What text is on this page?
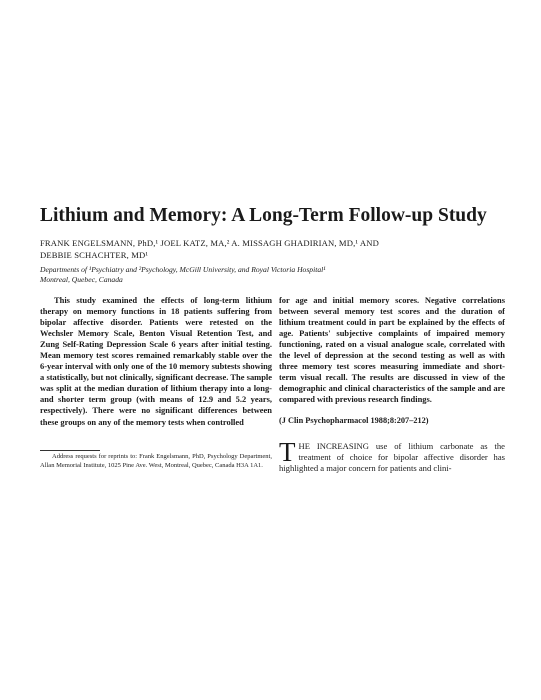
Lithium and Memory: A Long-Term Follow-up Study

FRANK ENGELSMANN, PhD,¹ JOEL KATZ, MA,² A. MISSAGH GHADIRIAN, MD,¹ AND
DEBBIE SCHACHTER, MD¹

Departments of ¹Psychiatry and ²Psychology, McGill University, and Royal Victoria Hospital¹
Montreal, Quebec, Canada

This study examined the effects of long-term lithium therapy on memory functions in 18 patients suffering from bipolar affective disorder. Patients were retested on the Wechsler Memory Scale, Benton Visual Retention Test, and Zung Self-Rating Depression Scale 6 years after initial testing. Mean memory test scores remained remarkably stable over the 6-year interval with only one of the 10 memory subtests showing a statistically, but not clinically, significant decrease. The sample was split at the median duration of lithium therapy into a long- and shorter term group (with means of 12.9 and 5.2 years, respectively). There were no significant differences between these groups on any of the memory tests when controlled

for age and initial memory scores. Negative correlations between several memory test scores and the duration of lithium treatment could in part be explained by the effects of age. Patients' subjective complaints of impaired memory functioning, rated on a visual analogue scale, correlated with the level of depression at the second testing as well as with three memory test scores measuring immediate and short-term visual recall. The results are discussed in view of the demographic and clinical characteristics of the sample and are compared with previous research findings.

(J Clin Psychopharmacol 1988;8:207–212)

Address requests for reprints to: Frank Engelsmann, PhD, Psychology Department, Allan Memorial Institute, 1025 Pine Ave. West, Montreal, Quebec, Canada H3A 1A1. THE INCREASING use of lithium carbonate as the treatment of choice for bipolar affective disorder has highlighted a major concern for patients and clini-
